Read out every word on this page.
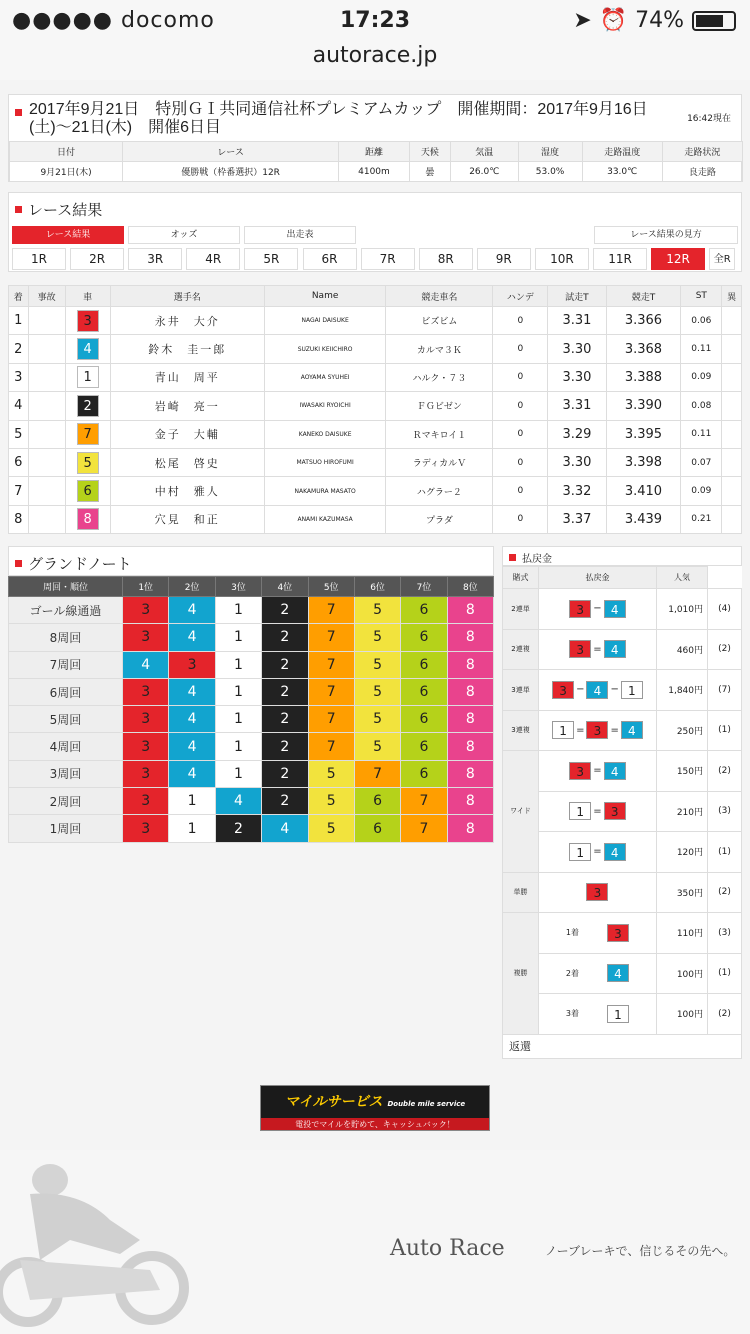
●●●●● docomo	17:23	➤ ⏰ 74%
autorace.jp
2017年9月21日　特別ＧⅠ共同通信社杯プレミアムカップ　開催期間：2017年9月16日(土)～21日(木)　開催6日目	16:42現在
日付	レース	距離	天候	気温	湿度	走路温度	走路状況
9月21日(木)	優勝戦（枠番選択）12R	4100m	曇	26.0℃	53.0%	33.0℃	良走路
レース結果
レース結果	オッズ	出走表	レース結果の見方
1R	2R	3R	4R	5R	6R	7R	8R	9R	10R	11R	12R	全R
着	事故	車	選手名	Name	競走車名	ハンデ	試走T	競走T	ST	異
1		3	永井　大介	NAGAI DAISUKE	ビズビム	0	3.31	3.366	0.06	
2		4	鈴木　圭一郎	SUZUKI KEIICHIRO	カルマ３Ｋ	0	3.30	3.368	0.11	
3		1	青山　周平	AOYAMA SYUHEI	ハルク・７３	0	3.30	3.388	0.09	
4		2	岩崎　亮一	IWASAKI RYOICHI	ＦＧビゼン	0	3.31	3.390	0.08	
5		7	金子　大輔	KANEKO DAISUKE	Ｒマキロイ１	0	3.29	3.395	0.11	
6		5	松尾　啓史	MATSUO HIROFUMI	ラディカルＶ	0	3.30	3.398	0.07	
7		6	中村　雅人	NAKAMURA MASATO	ハグラー２	0	3.32	3.410	0.09	
8		8	穴見　和正	ANAMI KAZUMASA	プラダ	0	3.37	3.439	0.21	
グランドノート
周回・順位	1位	2位	3位	4位	5位	6位	7位	8位
ゴール線通過	3	4	1	2	7	5	6	8
8周回	3	4	1	2	7	5	6	8
7周回	4	3	1	2	7	5	6	8
6周回	3	4	1	2	7	5	6	8
5周回	3	4	1	2	7	5	6	8
4周回	3	4	1	2	7	5	6	8
3周回	3	4	1	2	5	7	6	8
2周回	3	1	4	2	5	6	7	8
1周回	3	1	2	4	5	6	7	8
払戻金
賭式	払戻金	人気	
2連単	3 − 4	1,010円	(4)
2連複	3 = 4	460円	(2)
3連単	3 − 4 − 1	1,840円	(7)
3連複	1 = 3 = 4	250円	(1)
ワイド	3 = 4	150円	(2)
	1 = 3	210円	(3)
	1 = 4	120円	(1)
単勝	3	350円	(2)
複勝	1着 3	110円	(3)
	2着 4	100円	(1)
	3着 1	100円	(2)
返還			
マイルサービス Double mile service
電投でマイルを貯めて、キャッシュバック！
Auto Race	ノーブレーキで、信じるその先へ。
